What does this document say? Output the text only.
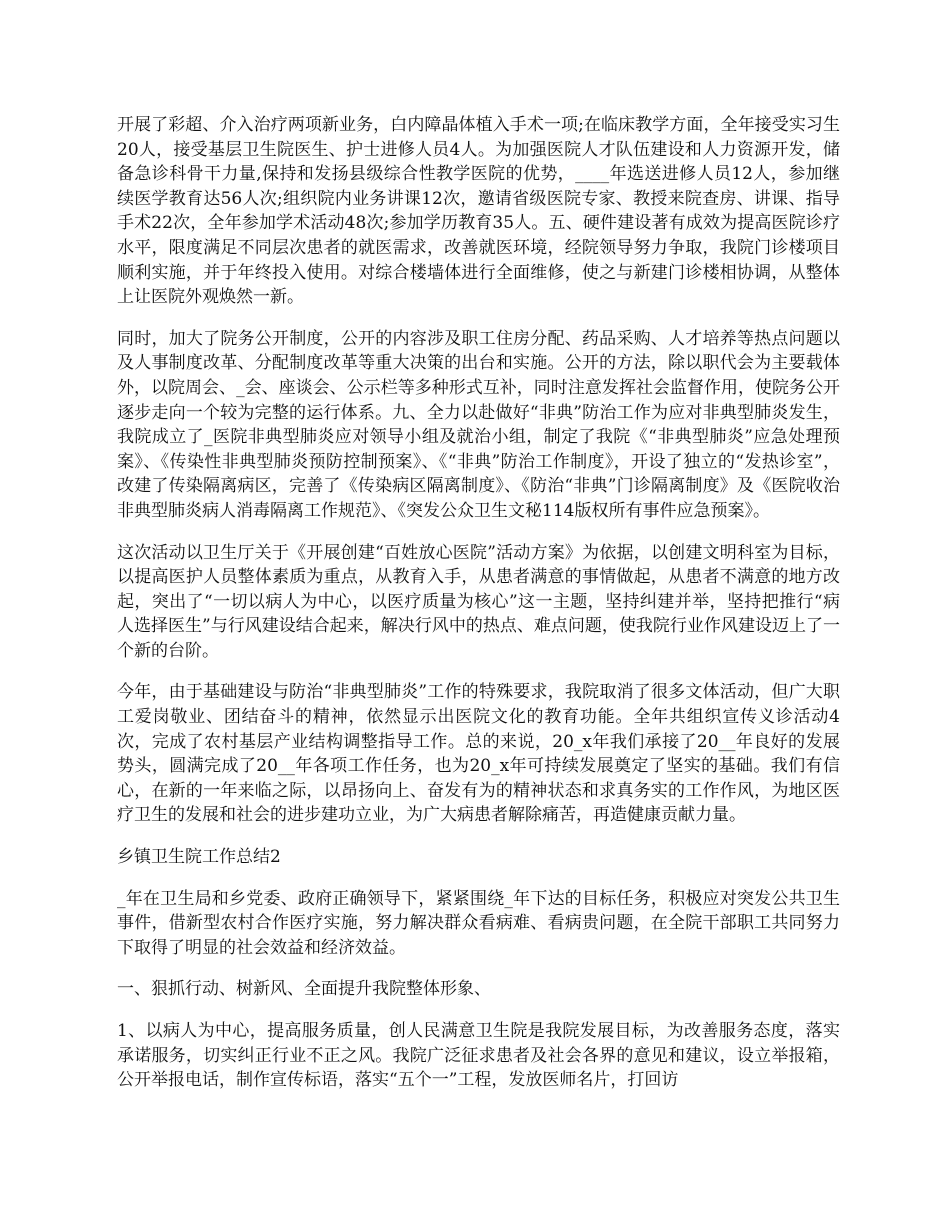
开展了彩超、介入治疗两项新业务，白内障晶体植入手术一项;在临床教学方面，全年接受实习生20人，接受基层卫生院医生、护士进修人员4人。为加强医院人才队伍建设和人力资源开发，储备急诊科骨干力量,保持和发扬县级综合性教学医院的优势，____年选送进修人员12人，参加继续医学教育达56人次;组织院内业务讲课12次，邀请省级医院专家、教授来院查房、讲课、指导手术22次，全年参加学术活动48次;参加学历教育35人。五、硬件建设著有成效为提高医院诊疗水平，限度满足不同层次患者的就医需求，改善就医环境，经院领导努力争取，我院门诊楼项目顺利实施，并于年终投入使用。对综合楼墙体进行全面维修，使之与新建门诊楼相协调，从整体上让医院外观焕然一新。

同时，加大了院务公开制度，公开的内容涉及职工住房分配、药品采购、人才培养等热点问题以及人事制度改革、分配制度改革等重大决策的出台和实施。公开的方法，除以职代会为主要载体外，以院周会、_会、座谈会、公示栏等多种形式互补，同时注意发挥社会监督作用，使院务公开逐步走向一个较为完整的运行体系。九、全力以赴做好“非典”防治工作为应对非典型肺炎发生，我院成立了_医院非典型肺炎应对领导小组及就治小组，制定了我院《“非典型肺炎”应急处理预案》、《传染性非典型肺炎预防控制预案》、《“非典”防治工作制度》，开设了独立的“发热诊室”，改建了传染隔离病区，完善了《传染病区隔离制度》、《防治“非典”门诊隔离制度》及《医院收治非典型肺炎病人消毒隔离工作规范》、《突发公众卫生文秘114版权所有事件应急预案》。

这次活动以卫生厅关于《开展创建“百姓放心医院”活动方案》为依据，以创建文明科室为目标，以提高医护人员整体素质为重点，从教育入手，从患者满意的事情做起，从患者不满意的地方改起，突出了“一切以病人为中心，以医疗质量为核心”这一主题，坚持纠建并举，坚持把推行“病人选择医生”与行风建设结合起来，解决行风中的热点、难点问题，使我院行业作风建设迈上了一个新的台阶。

今年，由于基础建设与防治“非典型肺炎”工作的特殊要求，我院取消了很多文体活动，但广大职工爱岗敬业、团结奋斗的精神，依然显示出医院文化的教育功能。全年共组织宣传义诊活动4次，完成了农村基层产业结构调整指导工作。总的来说，20_x年我们承接了20__年良好的发展势头，圆满完成了20__年各项工作任务，也为20_x年可持续发展奠定了坚实的基础。我们有信心，在新的一年来临之际，以昂扬向上、奋发有为的精神状态和求真务实的工作作风，为地区医疗卫生的发展和社会的进步建功立业，为广大病患者解除痛苦，再造健康贡献力量。

乡镇卫生院工作总结2

_年在卫生局和乡党委、政府正确领导下，紧紧围绕_年下达的目标任务，积极应对突发公共卫生事件，借新型农村合作医疗实施，努力解决群众看病难、看病贵问题，在全院干部职工共同努力下取得了明显的社会效益和经济效益。

一、狠抓行动、树新风、全面提升我院整体形象、

1、以病人为中心，提高服务质量，创人民满意卫生院是我院发展目标，为改善服务态度，落实承诺服务，切实纠正行业不正之风。我院广泛征求患者及社会各界的意见和建议，设立举报箱，公开举报电话，制作宣传标语，落实“五个一”工程，发放医师名片，打回访
